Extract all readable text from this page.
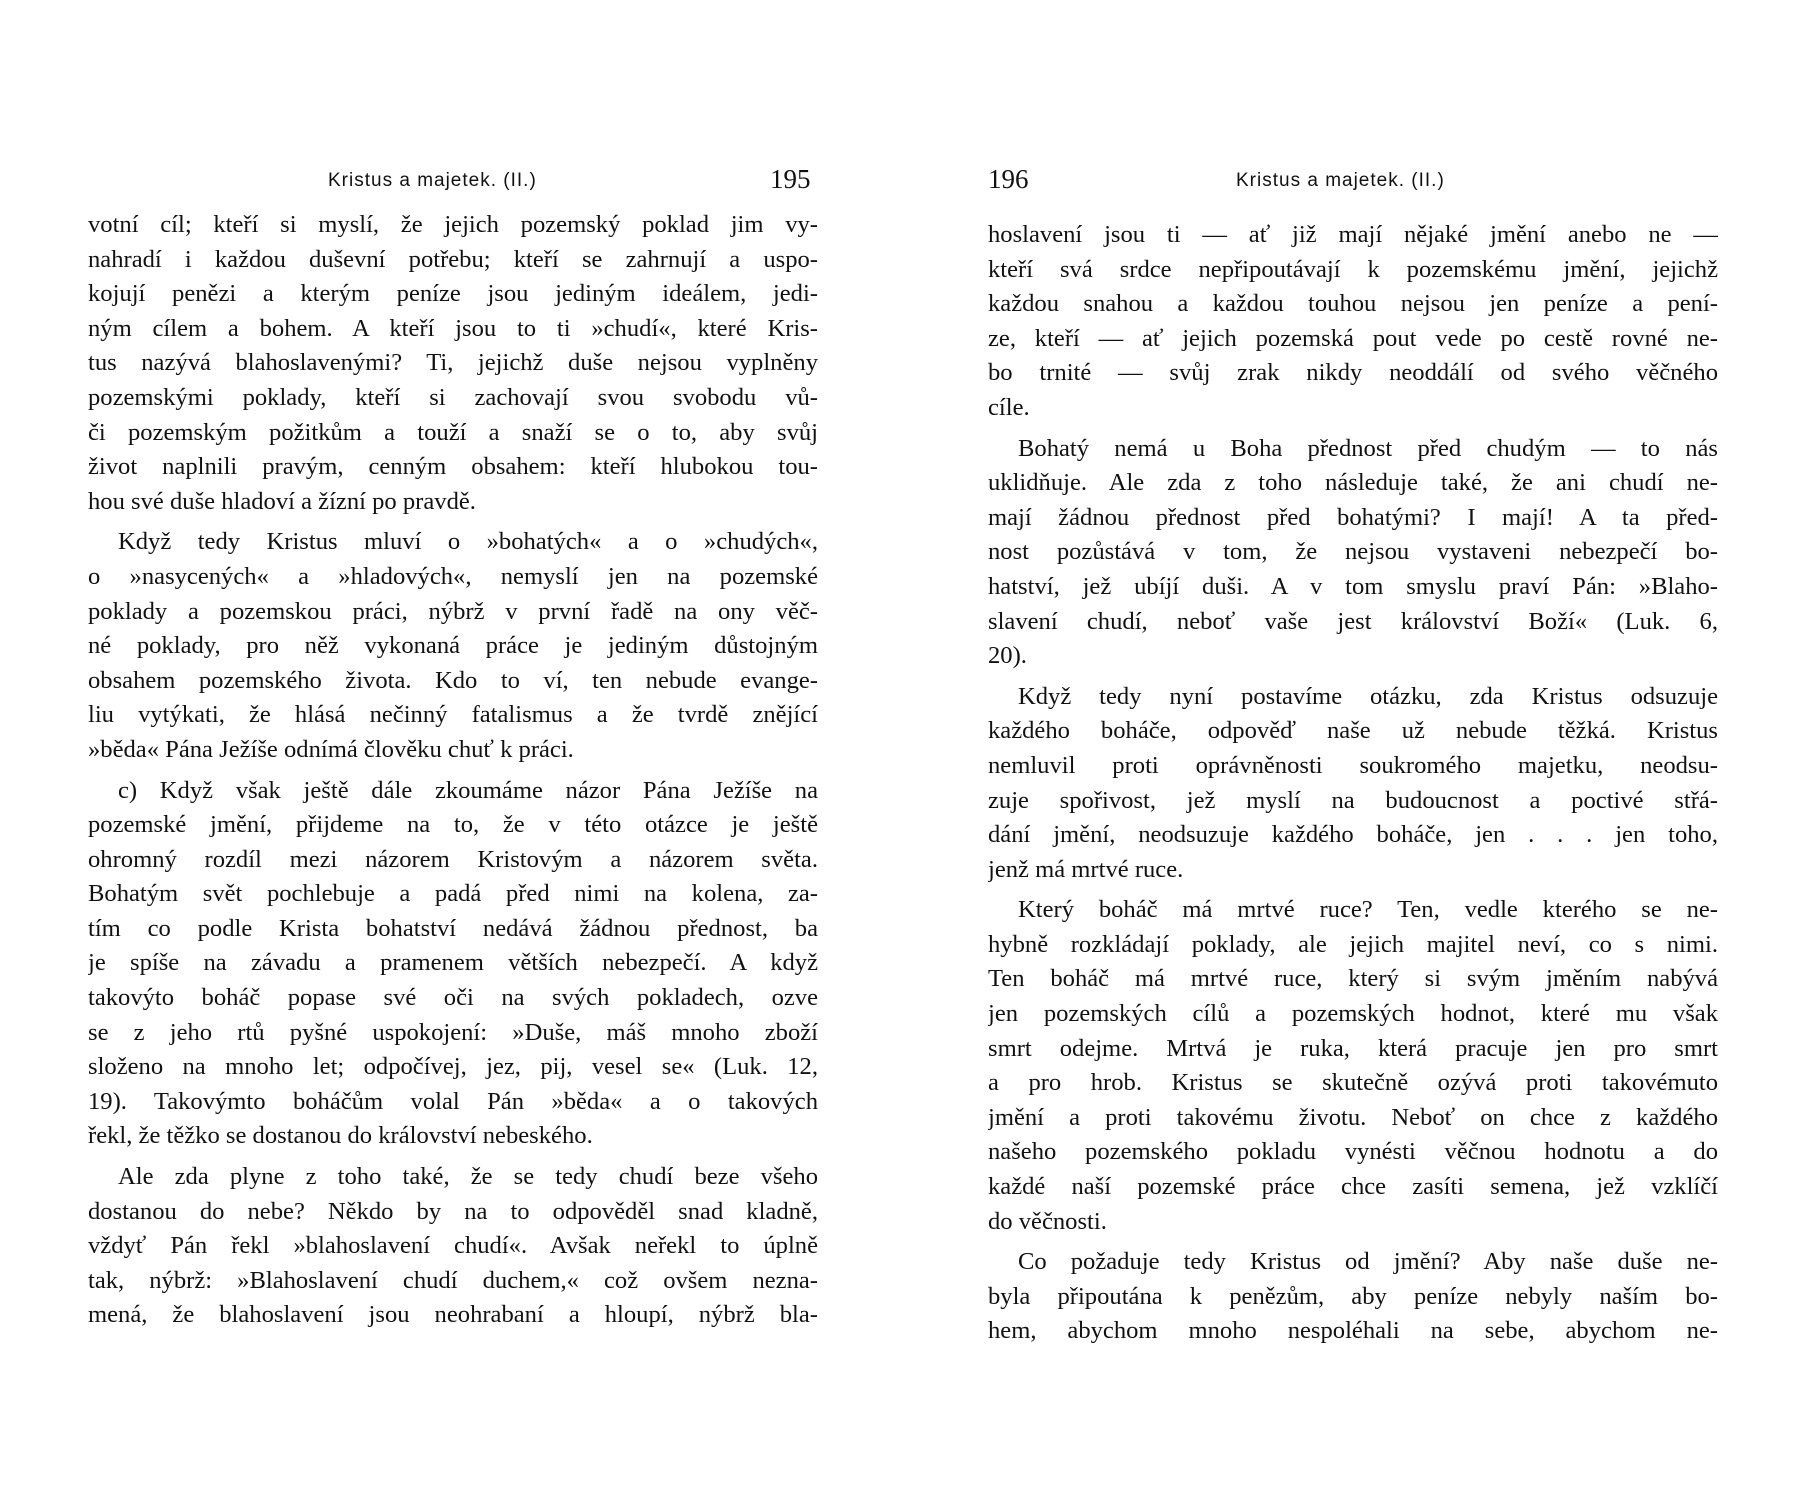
Kristus a majetek. (II.)	195
votní cíl; kteří si myslí, že jejich pozemský poklad jim vy-
nahradí i každou duševní potřebu; kteří se zahrnují a uspo-
kojují penězi a kterým peníze jsou jediným ideálem, jedi-
ným cílem a bohem. A kteří jsou to ti »chudí«, které Kris-
tus nazývá blahoslavenými? Ti, jejichž duše nejsou vyplněny
pozemskými poklady, kteří si zachovají svou svobodu vů-
či pozemským požitkům a touží a snaží se o to, aby svůj
život naplnili pravým, cenným obsahem: kteří hlubokou tou-
hou své duše hladoví a žízní po pravdě.
Když tedy Kristus mluví o »bohatých« a o »chudých«,
o »nasycených« a »hladových«, nemyslí jen na pozemské
poklady a pozemskou práci, nýbrž v první řadě na ony věč-
né poklady, pro něž vykonaná práce je jediným důstojným
obsahem pozemského života. Kdo to ví, ten nebude evange-
liu vytýkati, že hlásá nečinný fatalismus a že tvrdě znějící
»běda« Pána Ježíše odnímá člověku chuť k práci.
c) Když však ještě dále zkoumáme názor Pána Ježíše na
pozemské jmění, přijdeme na to, že v této otázce je ještě
ohromný rozdíl mezi názorem Kristovým a názorem světa.
Bohatým svět pochlebuje a padá před nimi na kolena, za-
tím co podle Krista bohatství nedává žádnou přednost, ba
je spíše na závadu a pramenem větších nebezpečí. A když
takovýto boháč popase své oči na svých pokladech, ozve
se z jeho rtů pyšné uspokojení: »Duše, máš mnoho zboží
složeno na mnoho let; odpočívej, jez, pij, vesel se« (Luk. 12,
19). Takovýmto boháčům volal Pán »běda« a o takových
řekl, že těžko se dostanou do království nebeského.
Ale zda plyne z toho také, že se tedy chudí beze všeho
dostanou do nebe? Někdo by na to odpověděl snad kladně,
vždyť Pán řekl »blahoslavení chudí«. Avšak neřekl to úplně
tak, nýbrž: »Blahoslavení chudí duchem,« což ovšem nezna-
mená, že blahoslavení jsou neohrabaní a hloupí, nýbrž bla-
196	Kristus a majetek. (II.)
hoslavení jsou ti — ať již mají nějaké jmění anebo ne —
kteří svá srdce nepřipoutávají k pozemskému jmění, jejichž
každou snahou a každou touhou nejsou jen peníze a pení-
ze, kteří — ať jejich pozemská pout vede po cestě rovné ne-
bo trnité — svůj zrak nikdy neoddálí od svého věčného
cíle.
Bohatý nemá u Boha přednost před chudým — to nás
uklidňuje. Ale zda z toho následuje také, že ani chudí ne-
mají žádnou přednost před bohatými? I mají! A ta před-
nost pozůstává v tom, že nejsou vystaveni nebezpečí bo-
hatství, jež ubíjí duši. A v tom smyslu praví Pán: »Blaho-
slavení chudí, neboť vaše jest království Boží« (Luk. 6,
20).
Když tedy nyní postavíme otázku, zda Kristus odsuzuje
každého boháče, odpověď naše už nebude těžká. Kristus
nemluvil proti oprávněnosti soukromého majetku, neodsu-
zuje spořivost, jež myslí na budoucnost a poctivé střá-
dání jmění, neodsuzuje každého boháče, jen . . . jen toho,
jenž má mrtvé ruce.
Který boháč má mrtvé ruce? Ten, vedle kterého se ne-
hybně rozkládají poklady, ale jejich majitel neví, co s nimi.
Ten boháč má mrtvé ruce, který si svým jměním nabývá
jen pozemských cílů a pozemských hodnot, které mu však
smrt odejme. Mrtvá je ruka, která pracuje jen pro smrt
a pro hrob. Kristus se skutečně ozývá proti takovémuto
jmění a proti takovému životu. Neboť on chce z každého
našeho pozemského pokladu vynésti věčnou hodnotu a do
každé naší pozemské práce chce zasíti semena, jež vzklíčí
do věčnosti.
Co požaduje tedy Kristus od jmění? Aby naše duše ne-
byla připoutána k penězům, aby peníze nebyly naším bo-
hem, abychom mnoho nespoléhali na sebe, abychom ne-
